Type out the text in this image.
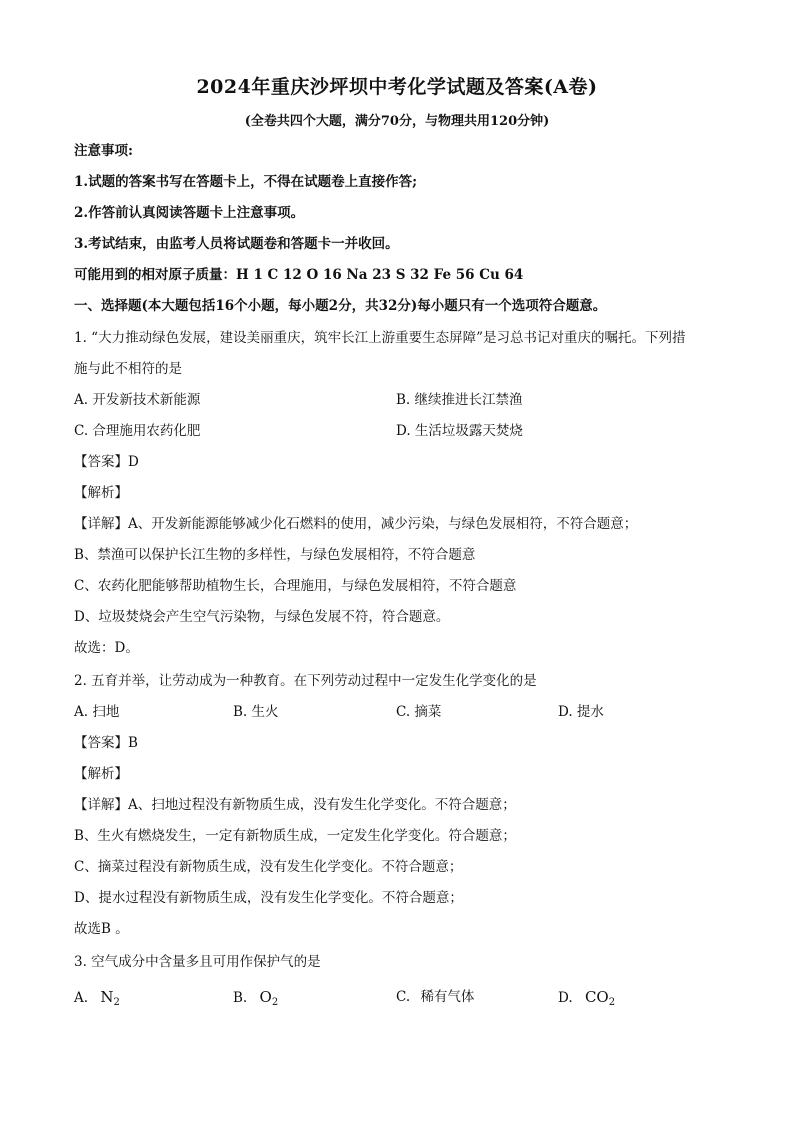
2024年重庆沙坪坝中考化学试题及答案(A卷)
(全卷共四个大题，满分70分，与物理共用120分钟)
注意事项:
1.试题的答案书写在答题卡上，不得在试题卷上直接作答;
2.作答前认真阅读答题卡上注意事项。
3.考试结束，由监考人员将试题卷和答题卡一并收回。
可能用到的相对原子质量：H 1 C 12 O 16 Na 23 S 32 Fe 56 Cu 64
一、选择题(本大题包括16个小题，每小题2分，共32分)每小题只有一个选项符合题意。
1. “大力推动绿色发展，建设美丽重庆，筑牢长江上游重要生态屏障”是习总书记对重庆的嘱托。下列措
施与此不相符的是
A. 开发新技术新能源	B. 继续推进长江禁渔
C. 合理施用农药化肥	D. 生活垃圾露天焚烧
【答案】D
【解析】
【详解】A、开发新能源能够减少化石燃料的使用，减少污染，与绿色发展相符，不符合题意；
B、禁渔可以保护长江生物的多样性，与绿色发展相符，不符合题意
C、农药化肥能够帮助植物生长，合理施用，与绿色发展相符，不符合题意
D、垃圾焚烧会产生空气污染物，与绿色发展不符，符合题意。
故选：D。
2. 五育并举，让劳动成为一种教育。在下列劳动过程中一定发生化学变化的是
A. 扫地	B. 生火	C. 摘菜	D. 提水
【答案】B
【解析】
【详解】A、扫地过程没有新物质生成，没有发生化学变化。不符合题意；
B、生火有燃烧发生，一定有新物质生成，一定发生化学变化。符合题意；
C、摘菜过程没有新物质生成，没有发生化学变化。不符合题意；
D、提水过程没有新物质生成，没有发生化学变化。不符合题意；
故选B 。
3. 空气成分中含量多且可用作保护气的是
A. $N_2$	B. $O_2$	C. 稀有气体	D. $CO_2$
